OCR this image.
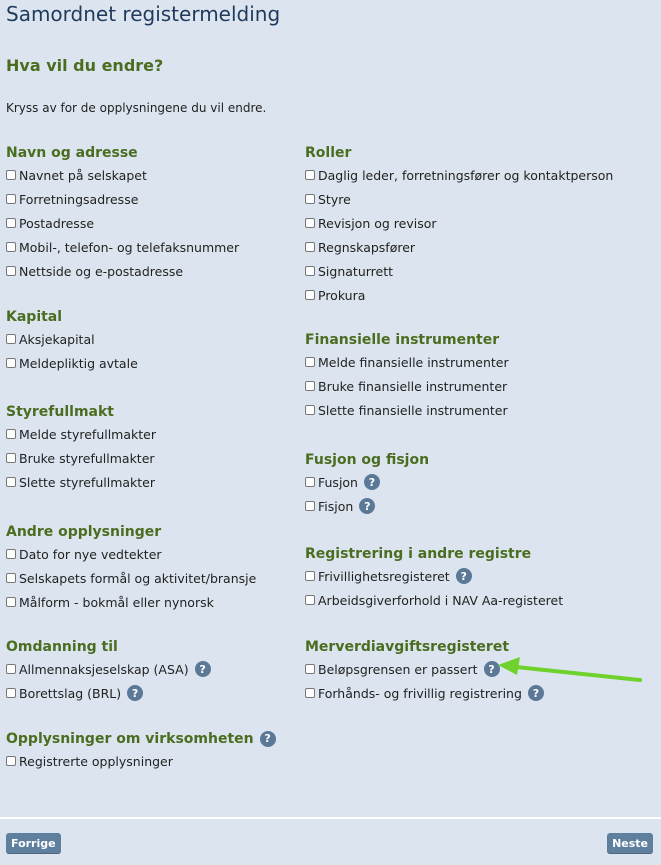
Samordnet registermelding
Hva vil du endre?
Kryss av for de opplysningene du vil endre.
Navn og adresse
Navnet på selskapet
Forretningsadresse
Postadresse
Mobil-, telefon- og telefaksnummer
Nettside og e-postadresse
Kapital
Aksjekapital
Meldepliktig avtale
Styrefullmakt
Melde styrefullmakter
Bruke styrefullmakter
Slette styrefullmakter
Andre opplysninger
Dato for nye vedtekter
Selskapets formål og aktivitet/bransje
Målform - bokmål eller nynorsk
Omdanning til
Allmennaksjeselskap (ASA) ?
Borettslag (BRL) ?
Opplysninger om virksomheten ?
Registrerte opplysninger
Roller
Daglig leder, forretningsfører og kontaktperson
Styre
Revisjon og revisor
Regnskapsfører
Signaturrett
Prokura
Finansielle instrumenter
Melde finansielle instrumenter
Bruke finansielle instrumenter
Slette finansielle instrumenter
Fusjon og fisjon
Fusjon ?
Fisjon ?
Registrering i andre registre
Frivillighetsregisteret ?
Arbeidsgiverforhold i NAV Aa-registeret
Merverdiavgiftsregisteret
Beløpsgrensen er passert ?
Forhånds- og frivillig registrering ?
Forrige	Neste
